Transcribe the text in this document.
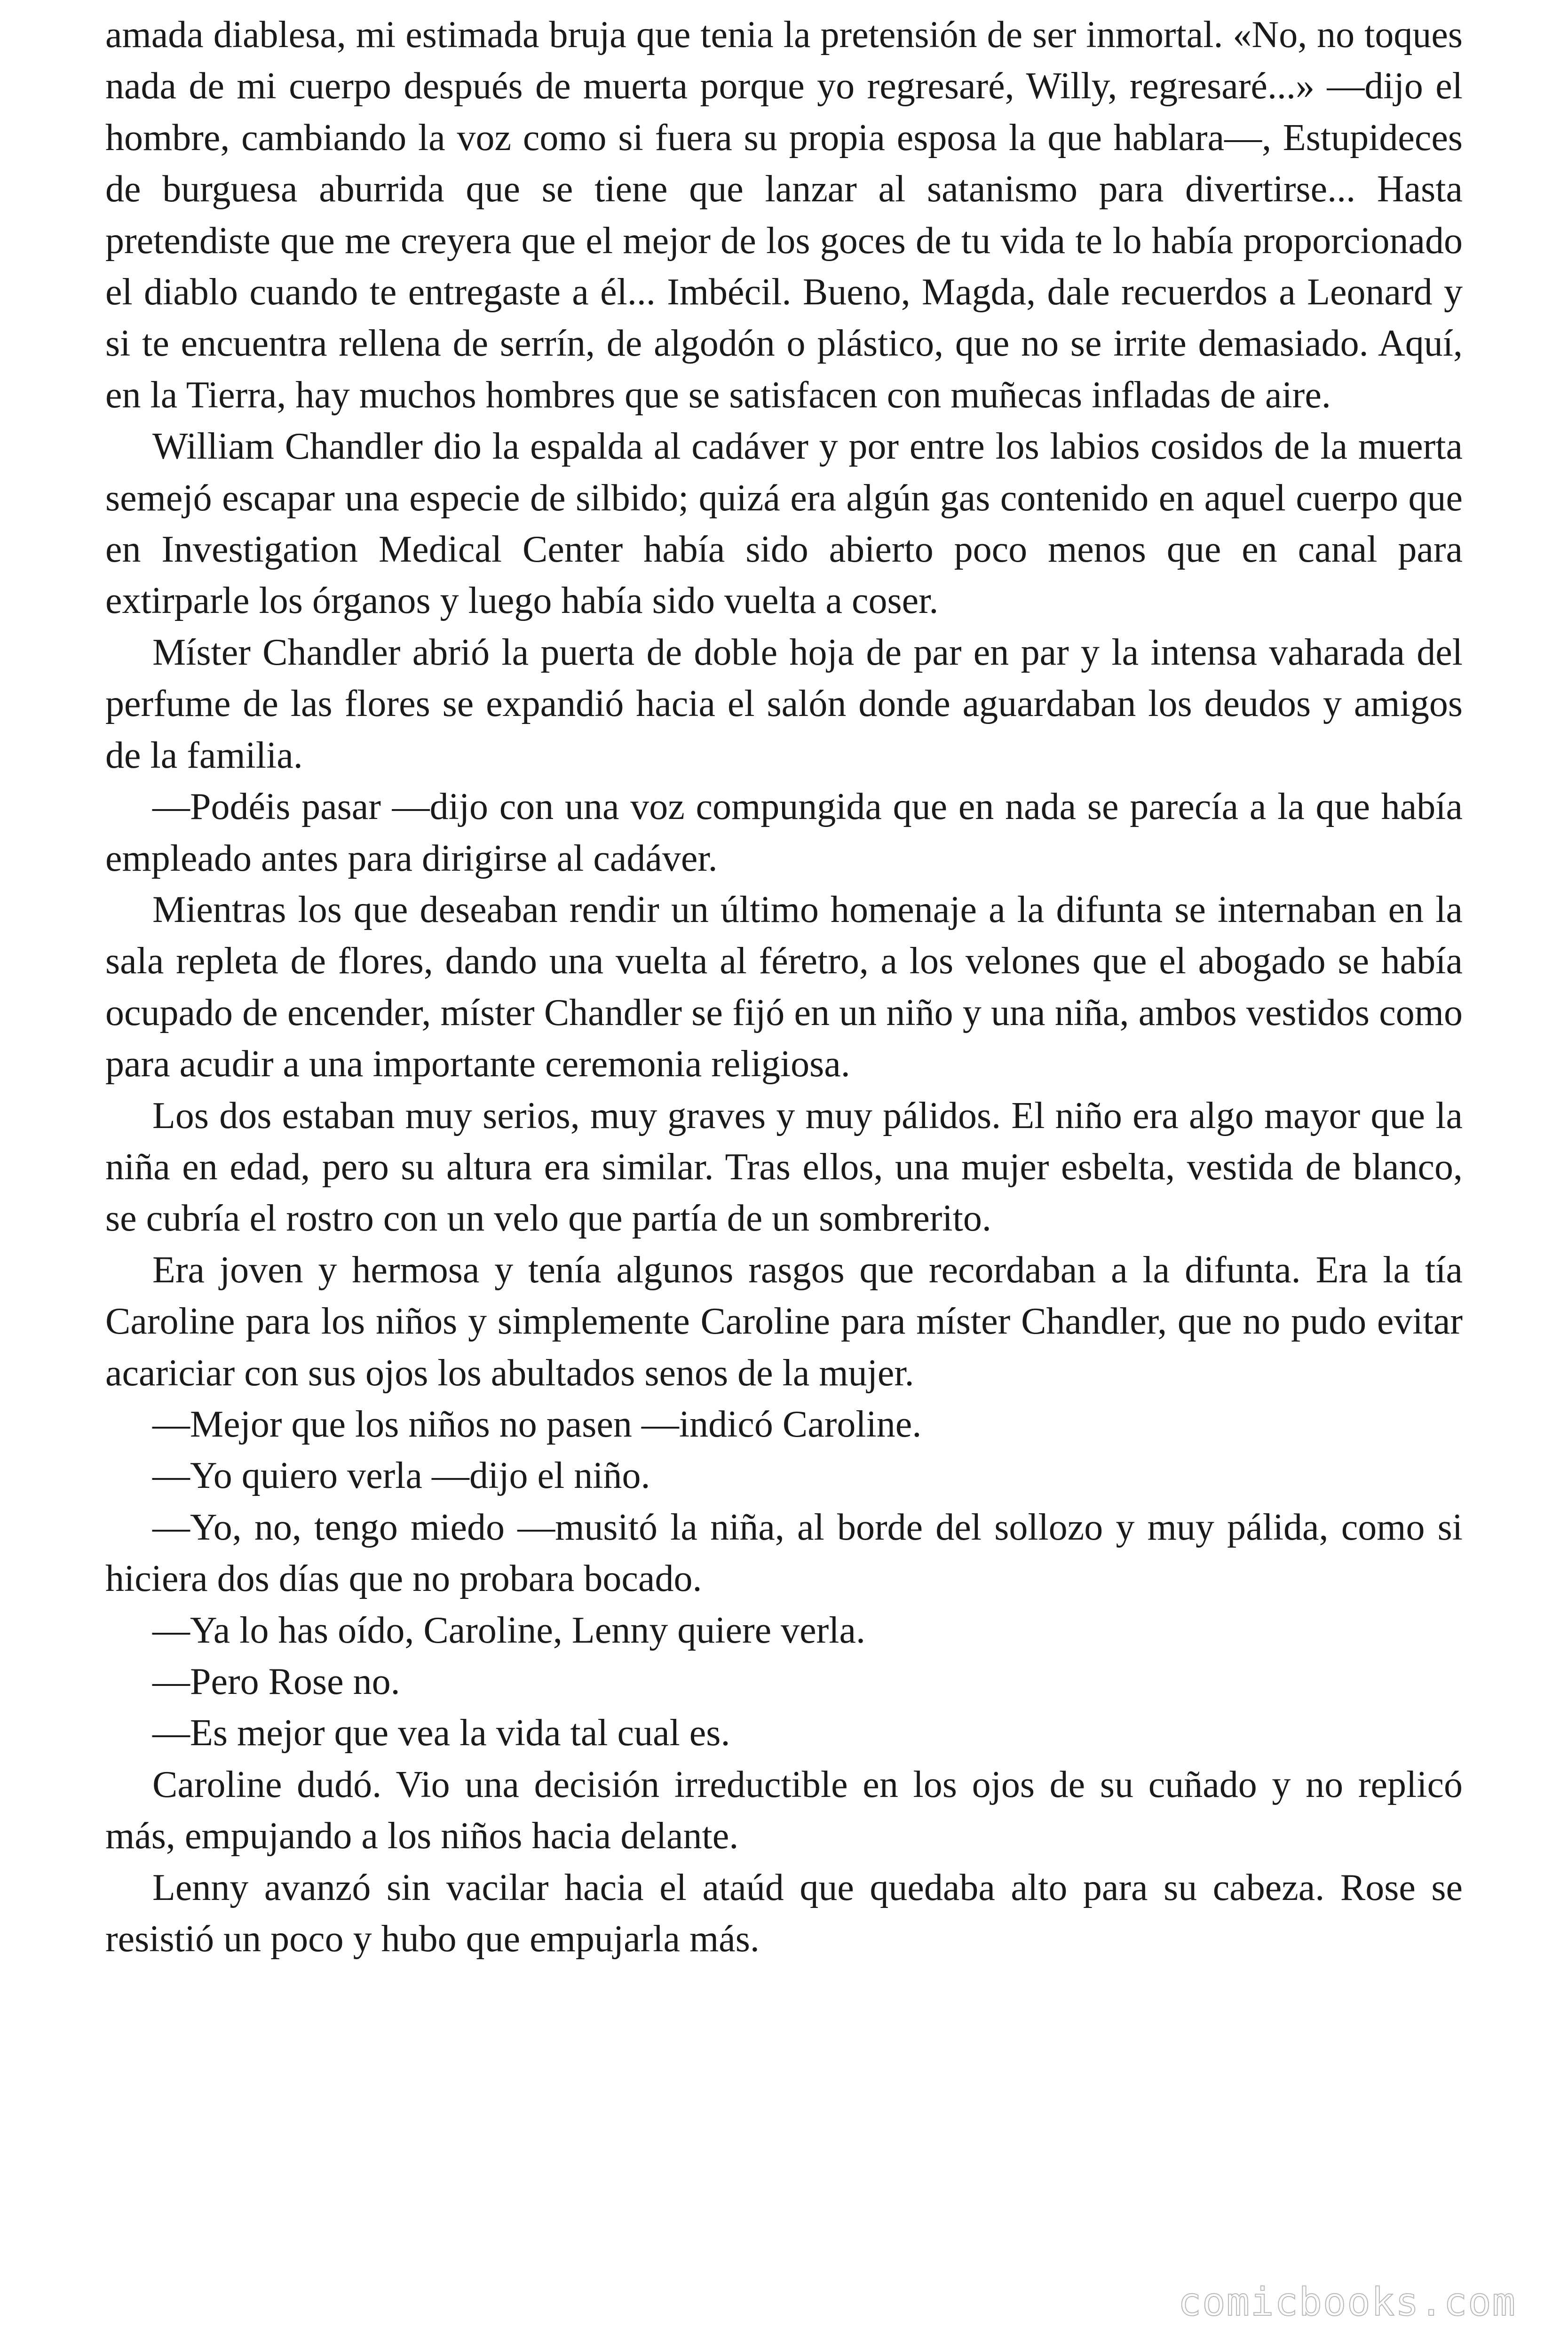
amada diablesa, mi estimada bruja que tenia la pretensión de ser inmortal. «No, no toques nada de mi cuerpo después de muerta porque yo regresaré, Willy, regresaré...» —dijo el hombre, cambiando la voz como si fuera su propia esposa la que hablara—, Estupideces de burguesa aburrida que se tiene que lanzar al satanismo para divertirse... Hasta pretendiste que me creyera que el mejor de los goces de tu vida te lo había proporcionado el diablo cuando te entregaste a él... Imbécil. Bueno, Magda, dale recuerdos a Leonard y si te encuentra rellena de serrín, de algodón o plástico, que no se irrite demasiado. Aquí, en la Tierra, hay muchos hombres que se satisfacen con muñecas infladas de aire.

William Chandler dio la espalda al cadáver y por entre los labios cosidos de la muerta semejó escapar una especie de silbido; quizá era algún gas contenido en aquel cuerpo que en Investigation Medical Center había sido abierto poco menos que en canal para extirparle los órganos y luego había sido vuelta a coser.

Míster Chandler abrió la puerta de doble hoja de par en par y la intensa vaharada del perfume de las flores se expandió hacia el salón donde aguardaban los deudos y amigos de la familia.

—Podéis pasar —dijo con una voz compungida que en nada se parecía a la que había empleado antes para dirigirse al cadáver.

Mientras los que deseaban rendir un último homenaje a la difunta se internaban en la sala repleta de flores, dando una vuelta al féretro, a los velones que el abogado se había ocupado de encender, míster Chandler se fijó en un niño y una niña, ambos vestidos como para acudir a una importante ceremonia religiosa.

Los dos estaban muy serios, muy graves y muy pálidos. El niño era algo mayor que la niña en edad, pero su altura era similar. Tras ellos, una mujer esbelta, vestida de blanco, se cubría el rostro con un velo que partía de un sombrerito.

Era joven y hermosa y tenía algunos rasgos que recordaban a la difunta. Era la tía Caroline para los niños y simplemente Caroline para míster Chandler, que no pudo evitar acariciar con sus ojos los abultados senos de la mujer.

—Mejor que los niños no pasen —indicó Caroline.

—Yo quiero verla —dijo el niño.

—Yo, no, tengo miedo —musitó la niña, al borde del sollozo y muy pálida, como si hiciera dos días que no probara bocado.

—Ya lo has oído, Caroline, Lenny quiere verla.

—Pero Rose no.

—Es mejor que vea la vida tal cual es.

Caroline dudó. Vio una decisión irreductible en los ojos de su cuñado y no replicó más, empujando a los niños hacia delante.

Lenny avanzó sin vacilar hacia el ataúd que quedaba alto para su cabeza. Rose se resistió un poco y hubo que empujarla más.

comicbooks.com
